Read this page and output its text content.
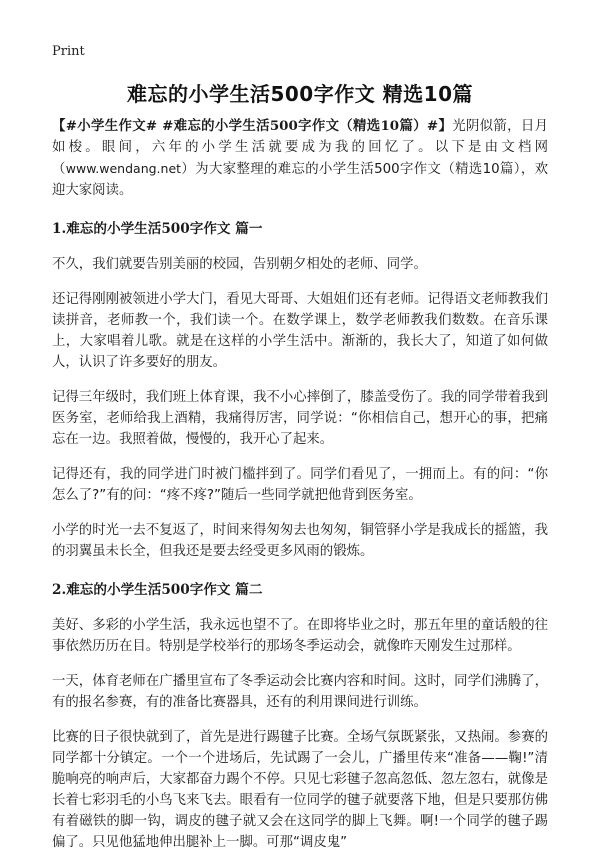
Print
难忘的小学生活500字作文 精选10篇

【#小学生作文# #难忘的小学生活500字作文（精选10篇）#】光阴似箭，日月如梭。眼间，六年的小学生活就要成为我的回忆了。以下是由文档网（www.wendang.net）为大家整理的难忘的小学生活500字作文（精选10篇），欢迎大家阅读。

1.难忘的小学生活500字作文 篇一

不久，我们就要告别美丽的校园，告别朝夕相处的老师、同学。

还记得刚刚被领进小学大门，看见大哥哥、大姐姐们还有老师。记得语文老师教我们读拼音，老师教一个，我们读一个。在数学课上，数学老师教我们数数。在音乐课上，大家唱着儿歌。就是在这样的小学生活中。渐渐的，我长大了，知道了如何做人，认识了许多要好的朋友。

记得三年级时，我们班上体育课，我不小心摔倒了，膝盖受伤了。我的同学带着我到医务室，老师给我上酒精，我痛得厉害，同学说：“你相信自己，想开心的事，把痛忘在一边。我照着做，慢慢的，我开心了起来。

记得还有，我的同学进门时被门槛拌到了。同学们看见了，一拥而上。有的问：“你怎么了?”有的问：“疼不疼?”随后一些同学就把他背到医务室。

小学的时光一去不复返了，时间来得匆匆去也匆匆，铜管驿小学是我成长的摇篮，我的羽翼虽未长全，但我还是要去经受更多风雨的锻炼。

2.难忘的小学生活500字作文 篇二

美好、多彩的小学生活，我永远也望不了。在即将毕业之时，那五年里的童话般的往事依然历历在目。特别是学校举行的那场冬季运动会，就像昨天刚发生过那样。

一天，体育老师在广播里宣布了冬季运动会比赛内容和时间。这时，同学们沸腾了，有的报名参赛，有的准备比赛器具，还有的利用课间进行训练。

比赛的日子很快就到了，首先是进行踢毽子比赛。全场气氛既紧张，又热闹。参赛的同学都十分镇定。一个一个进场后，先试踢了一会儿，广播里传来“准备——鞠!”清脆响亮的响声后，大家都奋力踢个不停。只见七彩毽子忽高忽低、忽左忽右，就像是长着七彩羽毛的小鸟飞来飞去。眼看有一位同学的毽子就要落下地，但是只要那仿佛有着磁铁的脚一钩，调皮的毽子就又会在这同学的脚上飞舞。啊!一个同学的毽子踢偏了。只见他猛地伸出腿补上一脚。可那“调皮鬼”
